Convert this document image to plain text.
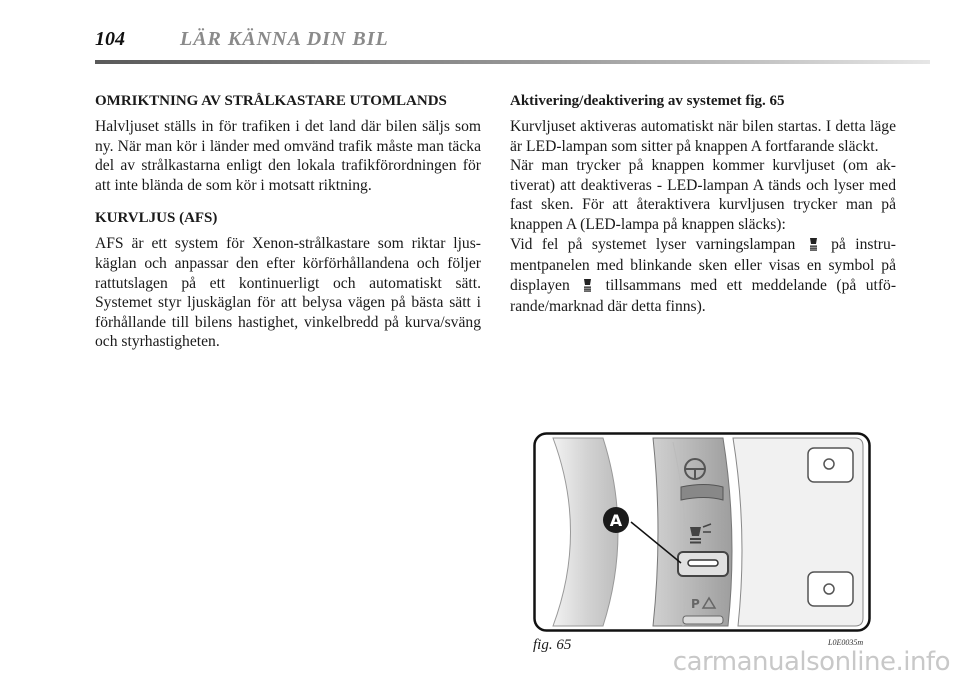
104	LÄR KÄNNA DIN BIL
OMRIKTNING AV STRÅLKASTARE UTOMLANDS

Halvljuset ställs in för trafiken i det land där bilen säljs som ny. När man kör i länder med omvänd trafik måste man täcka del av strålkastarna enligt den lokala trafikförordningen för att inte blända de som kör i motsatt riktning.

KURVLJUS (AFS)

AFS är ett system för Xenon-strålkastare som riktar ljuskäglan och anpassar den efter körförhållandena och följer rattutslagen på ett kontinuerligt och automatiskt sätt. Systemet styr ljuskäglan för att belysa vägen på bästa sätt i förhållande till bilens hastighet, vinkelbredd på kurva/sväng och styrhastigheten.

Aktivering/deaktivering av systemet fig. 65

Kurvljuset aktiveras automatiskt när bilen startas. I detta läge är LED-lampan som sitter på knappen A fortfarande släckt.

När man trycker på knappen kommer kurvljuset (om aktiverat) att deaktiveras - LED-lampan A tänds och lyser med fast sken. För att återaktivera kurvljusen trycker man på knappen A (LED-lampa på knappen släcks):

Vid fel på systemet lyser varningslampan på instrumentpanelen med blinkande sken eller visas en symbol på displayen tillsammans med ett meddelande (på utförande/marknad där detta finns).

P
A
fig. 65	L0E0035m
carmanualsonline.info
